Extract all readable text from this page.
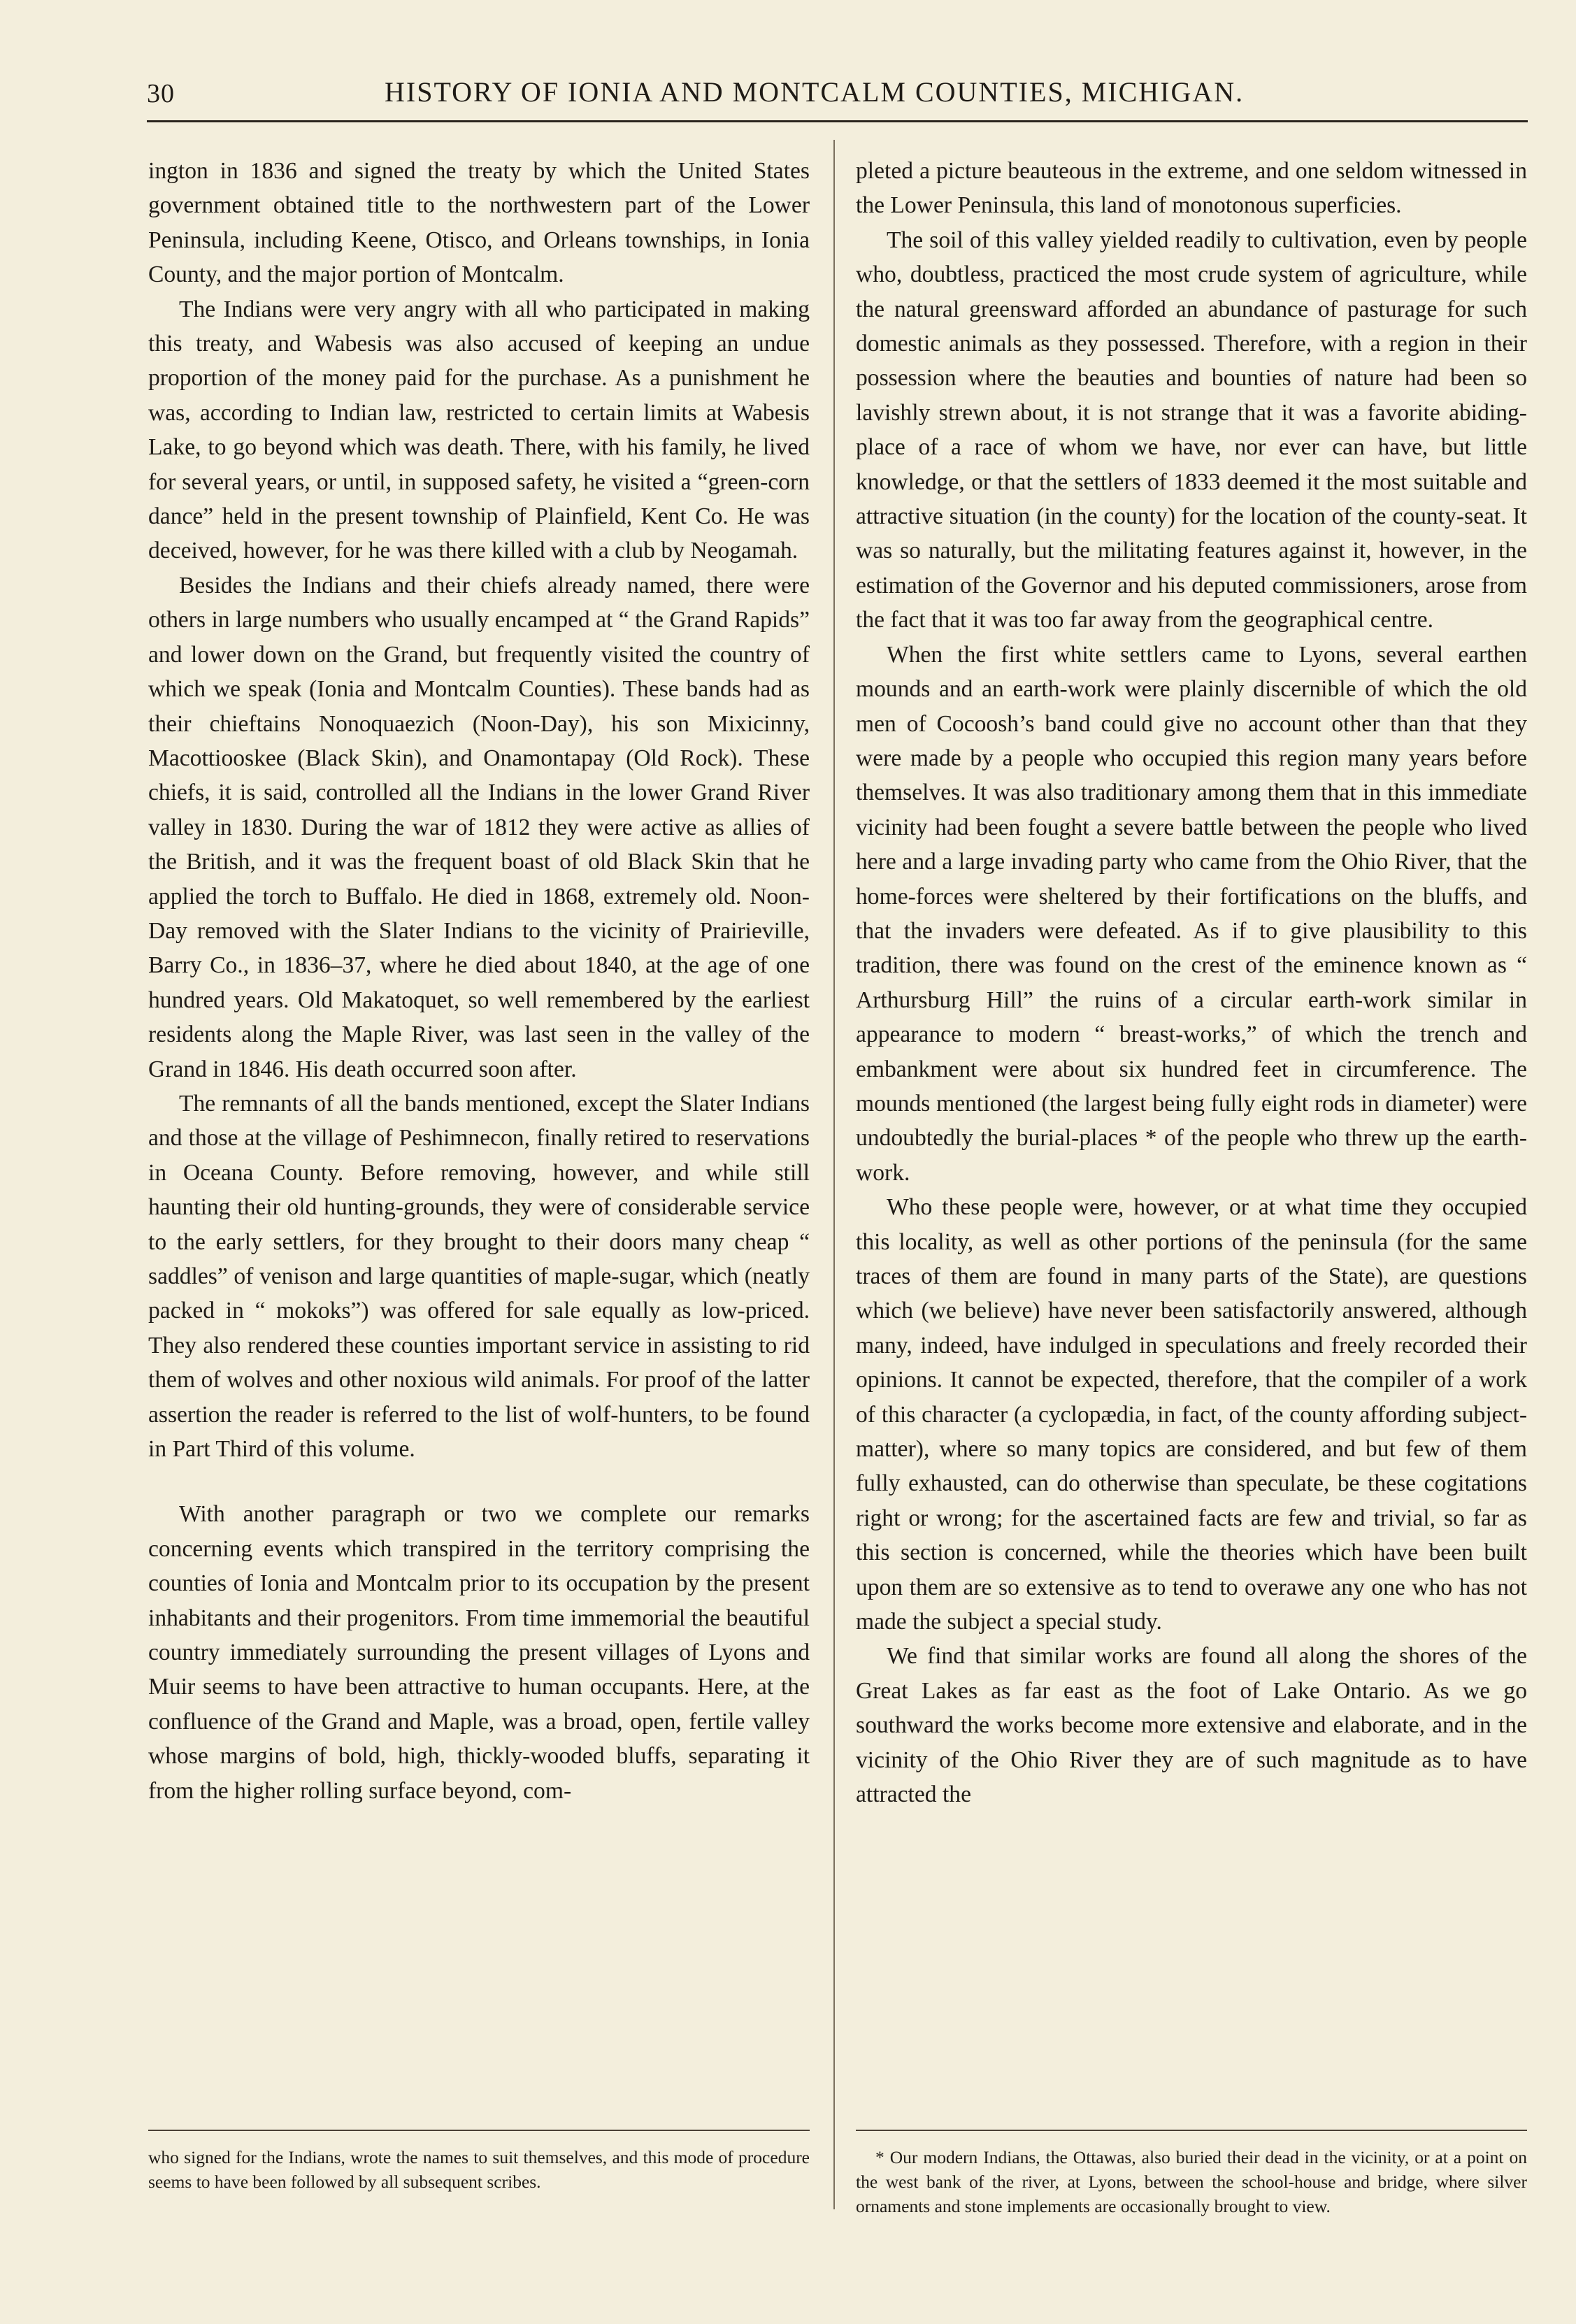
30	HISTORY OF IONIA AND MONTCALM COUNTIES, MICHIGAN.

ington in 1836 and signed the treaty by which the United States government obtained title to the northwestern part of the Lower Peninsula, including Keene, Otisco, and Orleans townships, in Ionia County, and the major portion of Montcalm.

The Indians were very angry with all who participated in making this treaty, and Wabesis was also accused of keeping an undue proportion of the money paid for the purchase. As a punishment he was, according to Indian law, restricted to certain limits at Wabesis Lake, to go beyond which was death. There, with his family, he lived for several years, or until, in supposed safety, he visited a “green-corn dance” held in the present township of Plainfield, Kent Co. He was deceived, however, for he was there killed with a club by Neogamah.

Besides the Indians and their chiefs already named, there were others in large numbers who usually encamped at “ the Grand Rapids” and lower down on the Grand, but frequently visited the country of which we speak (Ionia and Montcalm Counties). These bands had as their chieftains Nonoquaezich (Noon-Day), his son Mixicinny, Macottiooskee (Black Skin), and Onamontapay (Old Rock). These chiefs, it is said, controlled all the Indians in the lower Grand River valley in 1830. During the war of 1812 they were active as allies of the British, and it was the frequent boast of old Black Skin that he applied the torch to Buffalo. He died in 1868, extremely old. Noon-Day removed with the Slater Indians to the vicinity of Prairieville, Barry Co., in 1836–37, where he died about 1840, at the age of one hundred years. Old Makatoquet, so well remembered by the earliest residents along the Maple River, was last seen in the valley of the Grand in 1846. His death occurred soon after.

The remnants of all the bands mentioned, except the Slater Indians and those at the village of Peshimnecon, finally retired to reservations in Oceana County. Before removing, however, and while still haunting their old hunting-grounds, they were of considerable service to the early settlers, for they brought to their doors many cheap “ saddles” of venison and large quantities of maple-sugar, which (neatly packed in “ mokoks”) was offered for sale equally as low-priced. They also rendered these counties important service in assisting to rid them of wolves and other noxious wild animals. For proof of the latter assertion the reader is referred to the list of wolf-hunters, to be found in Part Third of this volume.

With another paragraph or two we complete our remarks concerning events which transpired in the territory comprising the counties of Ionia and Montcalm prior to its occupation by the present inhabitants and their progenitors. From time immemorial the beautiful country immediately surrounding the present villages of Lyons and Muir seems to have been attractive to human occupants. Here, at the confluence of the Grand and Maple, was a broad, open, fertile valley whose margins of bold, high, thickly-wooded bluffs, separating it from the higher rolling surface beyond, com-

pleted a picture beauteous in the extreme, and one seldom witnessed in the Lower Peninsula, this land of monotonous superficies.

The soil of this valley yielded readily to cultivation, even by people who, doubtless, practiced the most crude system of agriculture, while the natural greensward afforded an abundance of pasturage for such domestic animals as they possessed. Therefore, with a region in their possession where the beauties and bounties of nature had been so lavishly strewn about, it is not strange that it was a favorite abiding-place of a race of whom we have, nor ever can have, but little knowledge, or that the settlers of 1833 deemed it the most suitable and attractive situation (in the county) for the location of the county-seat. It was so naturally, but the militating features against it, however, in the estimation of the Governor and his deputed commissioners, arose from the fact that it was too far away from the geographical centre.

When the first white settlers came to Lyons, several earthen mounds and an earth-work were plainly discernible of which the old men of Cocoosh’s band could give no account other than that they were made by a people who occupied this region many years before themselves. It was also traditionary among them that in this immediate vicinity had been fought a severe battle between the people who lived here and a large invading party who came from the Ohio River, that the home-forces were sheltered by their fortifications on the bluffs, and that the invaders were defeated. As if to give plausibility to this tradition, there was found on the crest of the eminence known as “ Arthursburg Hill” the ruins of a circular earth-work similar in appearance to modern “ breast-works,” of which the trench and embankment were about six hundred feet in circumference. The mounds mentioned (the largest being fully eight rods in diameter) were undoubtedly the burial-places * of the people who threw up the earth-work.

Who these people were, however, or at what time they occupied this locality, as well as other portions of the peninsula (for the same traces of them are found in many parts of the State), are questions which (we believe) have never been satisfactorily answered, although many, indeed, have indulged in speculations and freely recorded their opinions. It cannot be expected, therefore, that the compiler of a work of this character (a cyclopædia, in fact, of the county affording subject-matter), where so many topics are considered, and but few of them fully exhausted, can do otherwise than speculate, be these cogitations right or wrong; for the ascertained facts are few and trivial, so far as this section is concerned, while the theories which have been built upon them are so extensive as to tend to overawe any one who has not made the subject a special study.

We find that similar works are found all along the shores of the Great Lakes as far east as the foot of Lake Ontario. As we go southward the works become more extensive and elaborate, and in the vicinity of the Ohio River they are of such magnitude as to have attracted the

who signed for the Indians, wrote the names to suit themselves, and this mode of procedure seems to have been followed by all subsequent scribes.

* Our modern Indians, the Ottawas, also buried their dead in the vicinity, or at a point on the west bank of the river, at Lyons, between the school-house and bridge, where silver ornaments and stone implements are occasionally brought to view.
